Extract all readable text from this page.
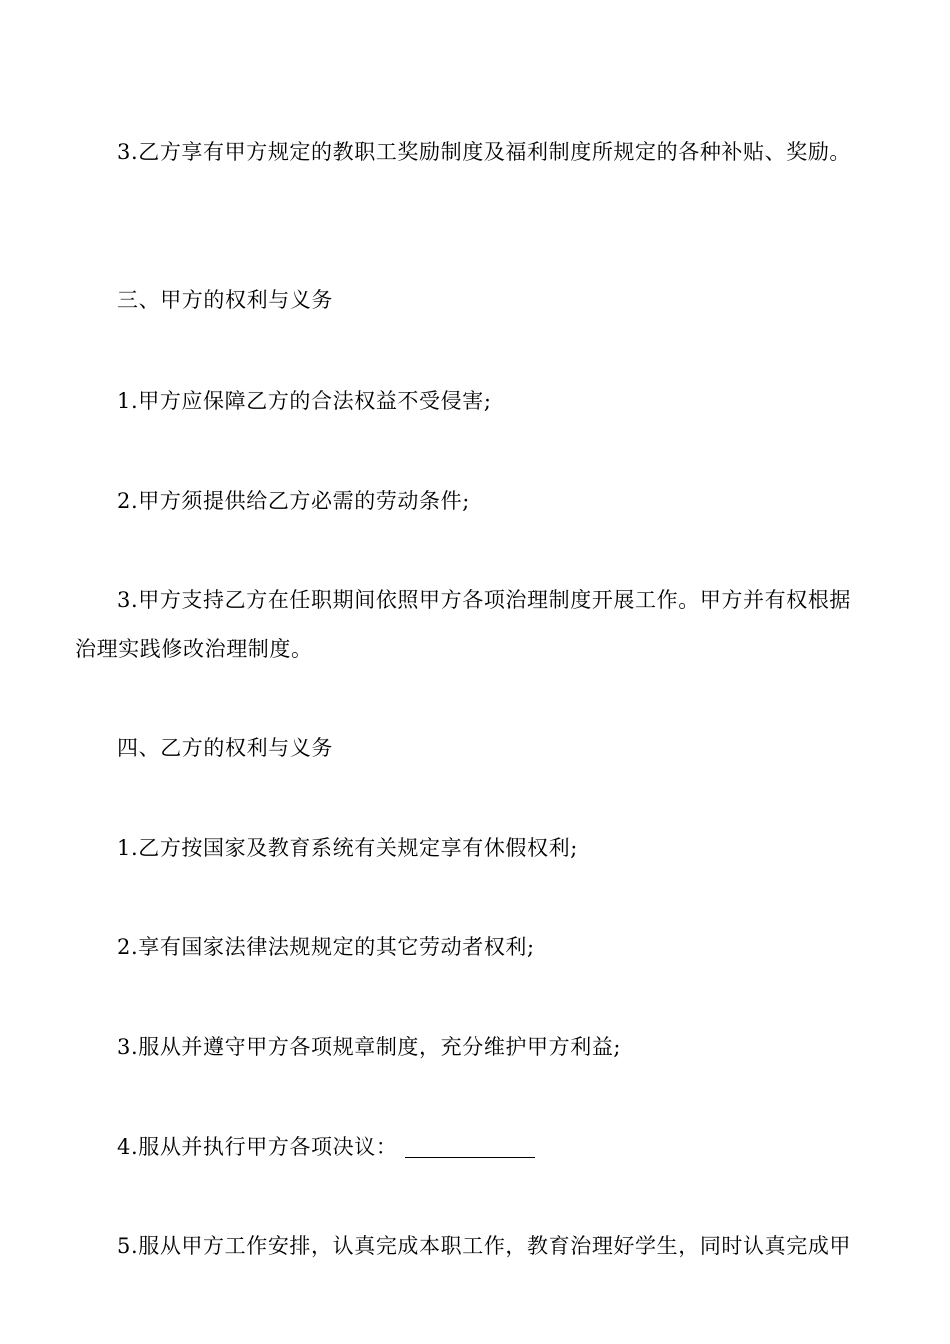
3.乙方享有甲方规定的教职工奖励制度及福利制度所规定的各种补贴、奖励。
三、甲方的权利与义务
1.甲方应保障乙方的合法权益不受侵害;
2.甲方须提供给乙方必需的劳动条件;
3.甲方支持乙方在任职期间依照甲方各项治理制度开展工作。甲方并有权根据
治理实践修改治理制度。
四、乙方的权利与义务
1.乙方按国家及教育系统有关规定享有休假权利;
2.享有国家法律法规规定的其它劳动者权利;
3.服从并遵守甲方各项规章制度，充分维护甲方利益;
4.服从并执行甲方各项决议：
5.服从甲方工作安排，认真完成本职工作，教育治理好学生，同时认真完成甲
